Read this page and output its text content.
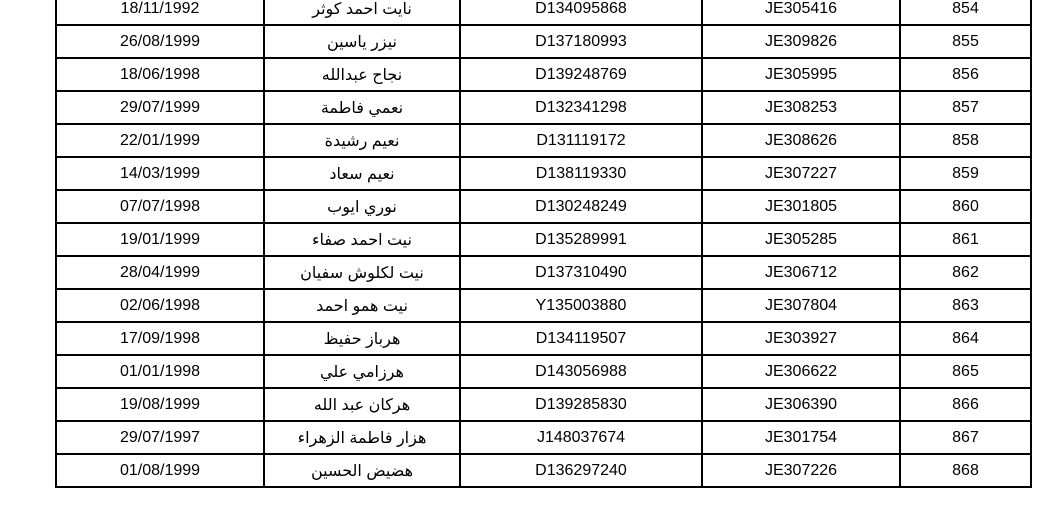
18/11/1992	نايت احمد كوثر	D134095868	JE305416	854
26/08/1999	نيزر ياسين	D137180993	JE309826	855
18/06/1998	نجاح عبدالله	D139248769	JE305995	856
29/07/1999	نعمي فاطمة	D132341298	JE308253	857
22/01/1999	نعيم رشيدة	D131119172	JE308626	858
14/03/1999	نعيم سعاد	D138119330	JE307227	859
07/07/1998	نوري ايوب	D130248249	JE301805	860
19/01/1999	نيت احمد صفاء	D135289991	JE305285	861
28/04/1999	نيت لكلوش سفيان	D137310490	JE306712	862
02/06/1998	نيت همو احمد	Y135003880	JE307804	863
17/09/1998	هرباز حفيظ	D134119507	JE303927	864
01/01/1998	هرزامي علي	D143056988	JE306622	865
19/08/1999	هركان عبد الله	D139285830	JE306390	866
29/07/1997	هزار فاطمة الزهراء	J148037674	JE301754	867
01/08/1999	هضيض الحسين	D136297240	JE307226	868
